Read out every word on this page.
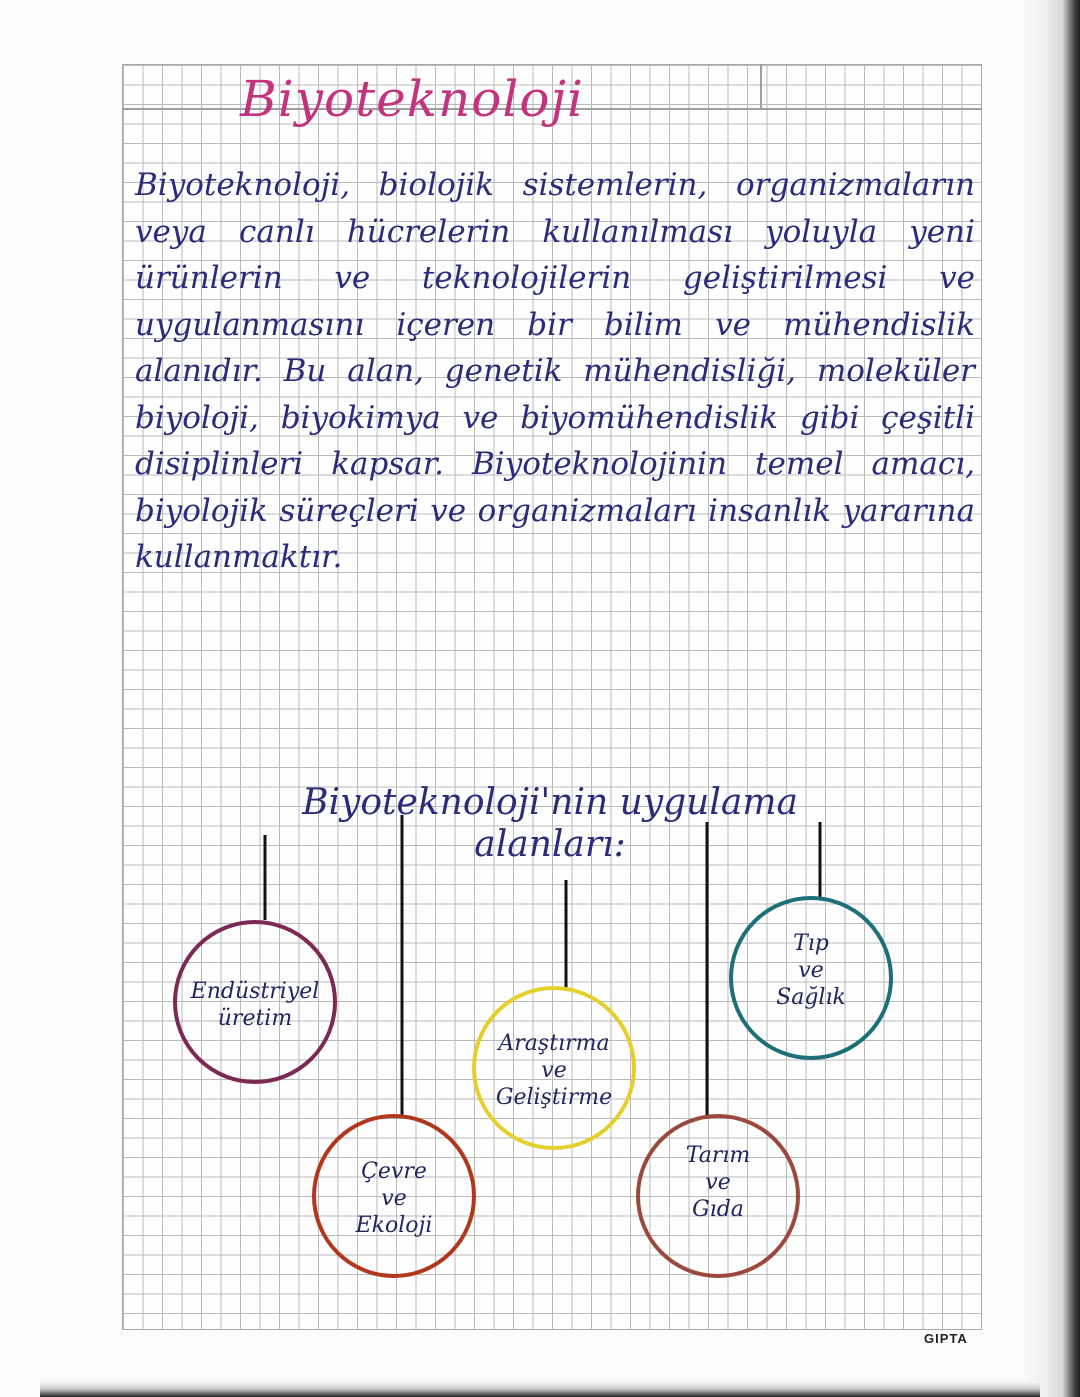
Biyoteknoloji
Biyoteknoloji, biolojik sistemlerin, organizmaların veya canlı hücrelerin kullanılması yoluyla yeni ürünlerin ve teknolojilerin geliştirilmesi ve uygulanmasını içeren bir bilim ve mühendislik alanıdır. Bu alan, genetik mühendisliği, moleküler biyoloji, biyokimya ve biyomühendislik gibi çeşitli disiplinleri kapsar. Biyoteknolojinin temel amacı, biyolojik süreçleri ve organizmaları insanlık yararına kullanmaktır.
Biyoteknoloji'nin uygulama alanları:
Endüstriyel
üretim
Çevre
ve
Ekoloji
Araştırma
ve
Geliştirme
Tarım
ve
Gıda
Tıp
ve
Sağlık
GIPTA
